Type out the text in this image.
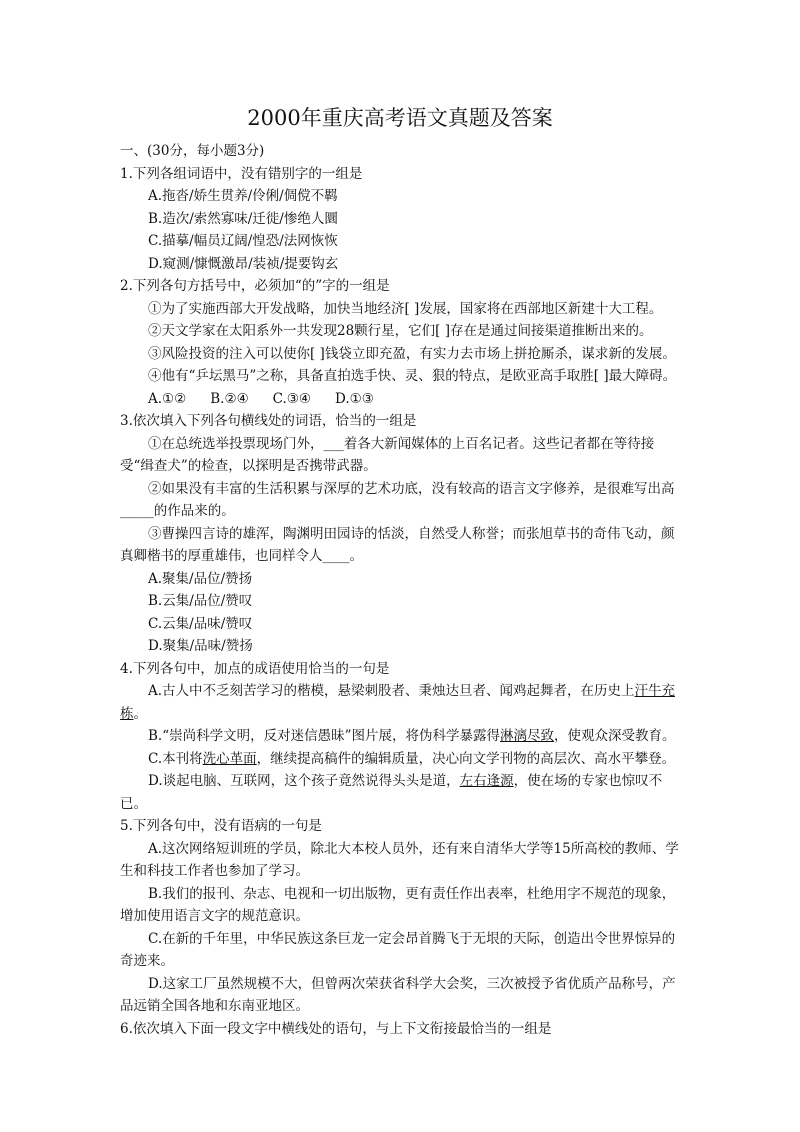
2000年重庆高考语文真题及答案
一、(30分，每小题3分)
1.下列各组词语中，没有错别字的一组是
A.拖沓/娇生贯养/伶俐/倜傥不羁
B.造次/索然寡味/迁徙/惨绝人圜
C.描摹/幅员辽阔/惶恐/法网恢恢
D.窥测/慷慨激昂/装祯/提要钩玄
2.下列各句方括号中，必须加“的”字的一组是
①为了实施西部大开发战略，加快当地经济[ ]发展，国家将在西部地区新建十大工程。
②天文学家在太阳系外一共发现28颗行星，它们[ ]存在是通过间接渠道推断出来的。
③风险投资的注入可以使你[ ]钱袋立即充盈，有实力去市场上拼抢厮杀，谋求新的发展。
④他有“乒坛黑马”之称，具备直拍选手快、灵、狠的特点，是欧亚高手取胜[ ]最大障碍。
A.①② B.②④ C.③④ D.①③
3.依次填入下列各句横线处的词语，恰当的一组是
①在总统选举投票现场门外，___着各大新闻媒体的上百名记者。这些记者都在等待接受“缉查犬”的检查，以探明是否携带武器。
②如果没有丰富的生活积累与深厚的艺术功底，没有较高的语言文字修养，是很难写出高_____的作品来的。
③曹操四言诗的雄浑，陶渊明田园诗的恬淡，自然受人称誉；而张旭草书的奇伟飞动，颜真卿楷书的厚重雄伟，也同样令人____。
A.聚集/品位/赞扬
B.云集/品位/赞叹
C.云集/品味/赞叹
D.聚集/品味/赞扬
4.下列各句中，加点的成语使用恰当的一句是
A.古人中不乏刻苦学习的楷模，悬梁刺股者、秉烛达旦者、闻鸡起舞者，在历史上汗牛充栋。
B.“崇尚科学文明，反对迷信愚昧”图片展，将伪科学暴露得淋漓尽致，使观众深受教育。
C.本刊将洗心革面，继续提高稿件的编辑质量，决心向文学刊物的高层次、高水平攀登。
D.谈起电脑、互联网，这个孩子竟然说得头头是道，左右逢源，使在场的专家也惊叹不已。
5.下列各句中，没有语病的一句是
A.这次网络短训班的学员，除北大本校人员外，还有来自清华大学等15所高校的教师、学生和科技工作者也参加了学习。
B.我们的报刊、杂志、电视和一切出版物，更有责任作出表率，杜绝用字不规范的现象，增加使用语言文字的规范意识。
C.在新的千年里，中华民族这条巨龙一定会昂首腾飞于无垠的天际，创造出令世界惊异的奇迹来。
D.这家工厂虽然规模不大，但曾两次荣获省科学大会奖，三次被授予省优质产品称号，产品远销全国各地和东南亚地区。
6.依次填入下面一段文字中横线处的语句，与上下文衔接最恰当的一组是
